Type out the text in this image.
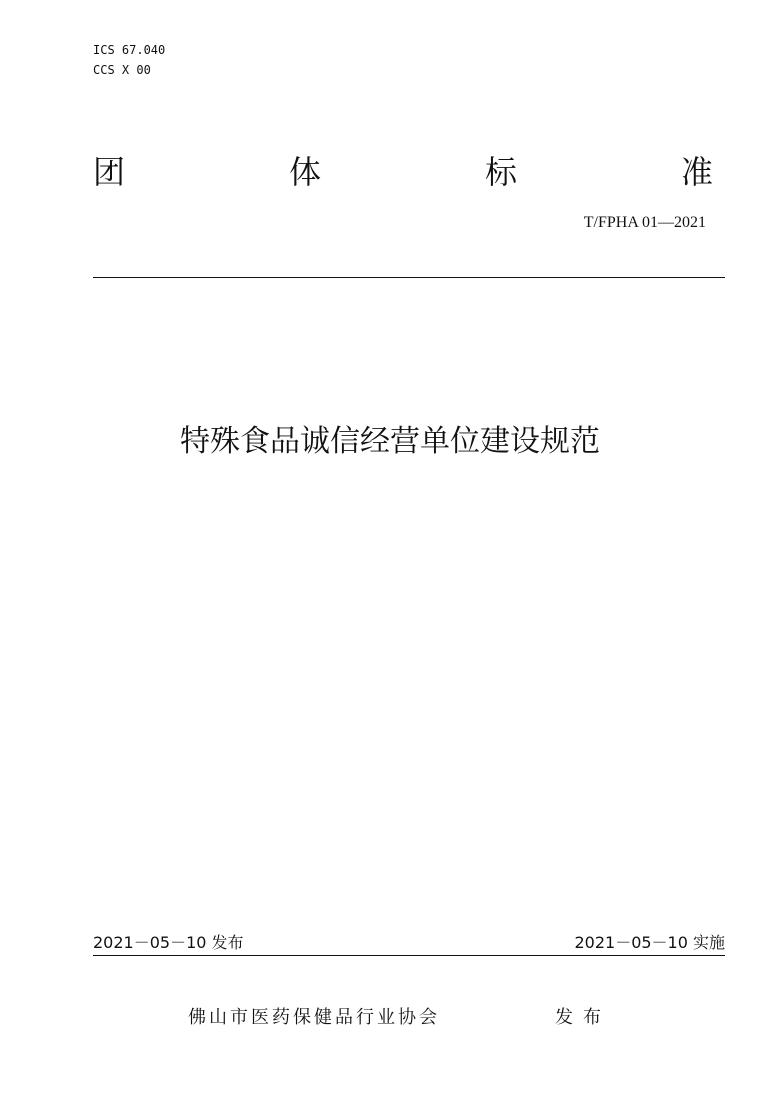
ICS 67.040
CCS X 00
团	体	标	准
T/FPHA 01—2021
特殊食品诚信经营单位建设规范
2021－05－10 发布	2021－05－10 实施
佛山市医药保健品行业协会	发布
